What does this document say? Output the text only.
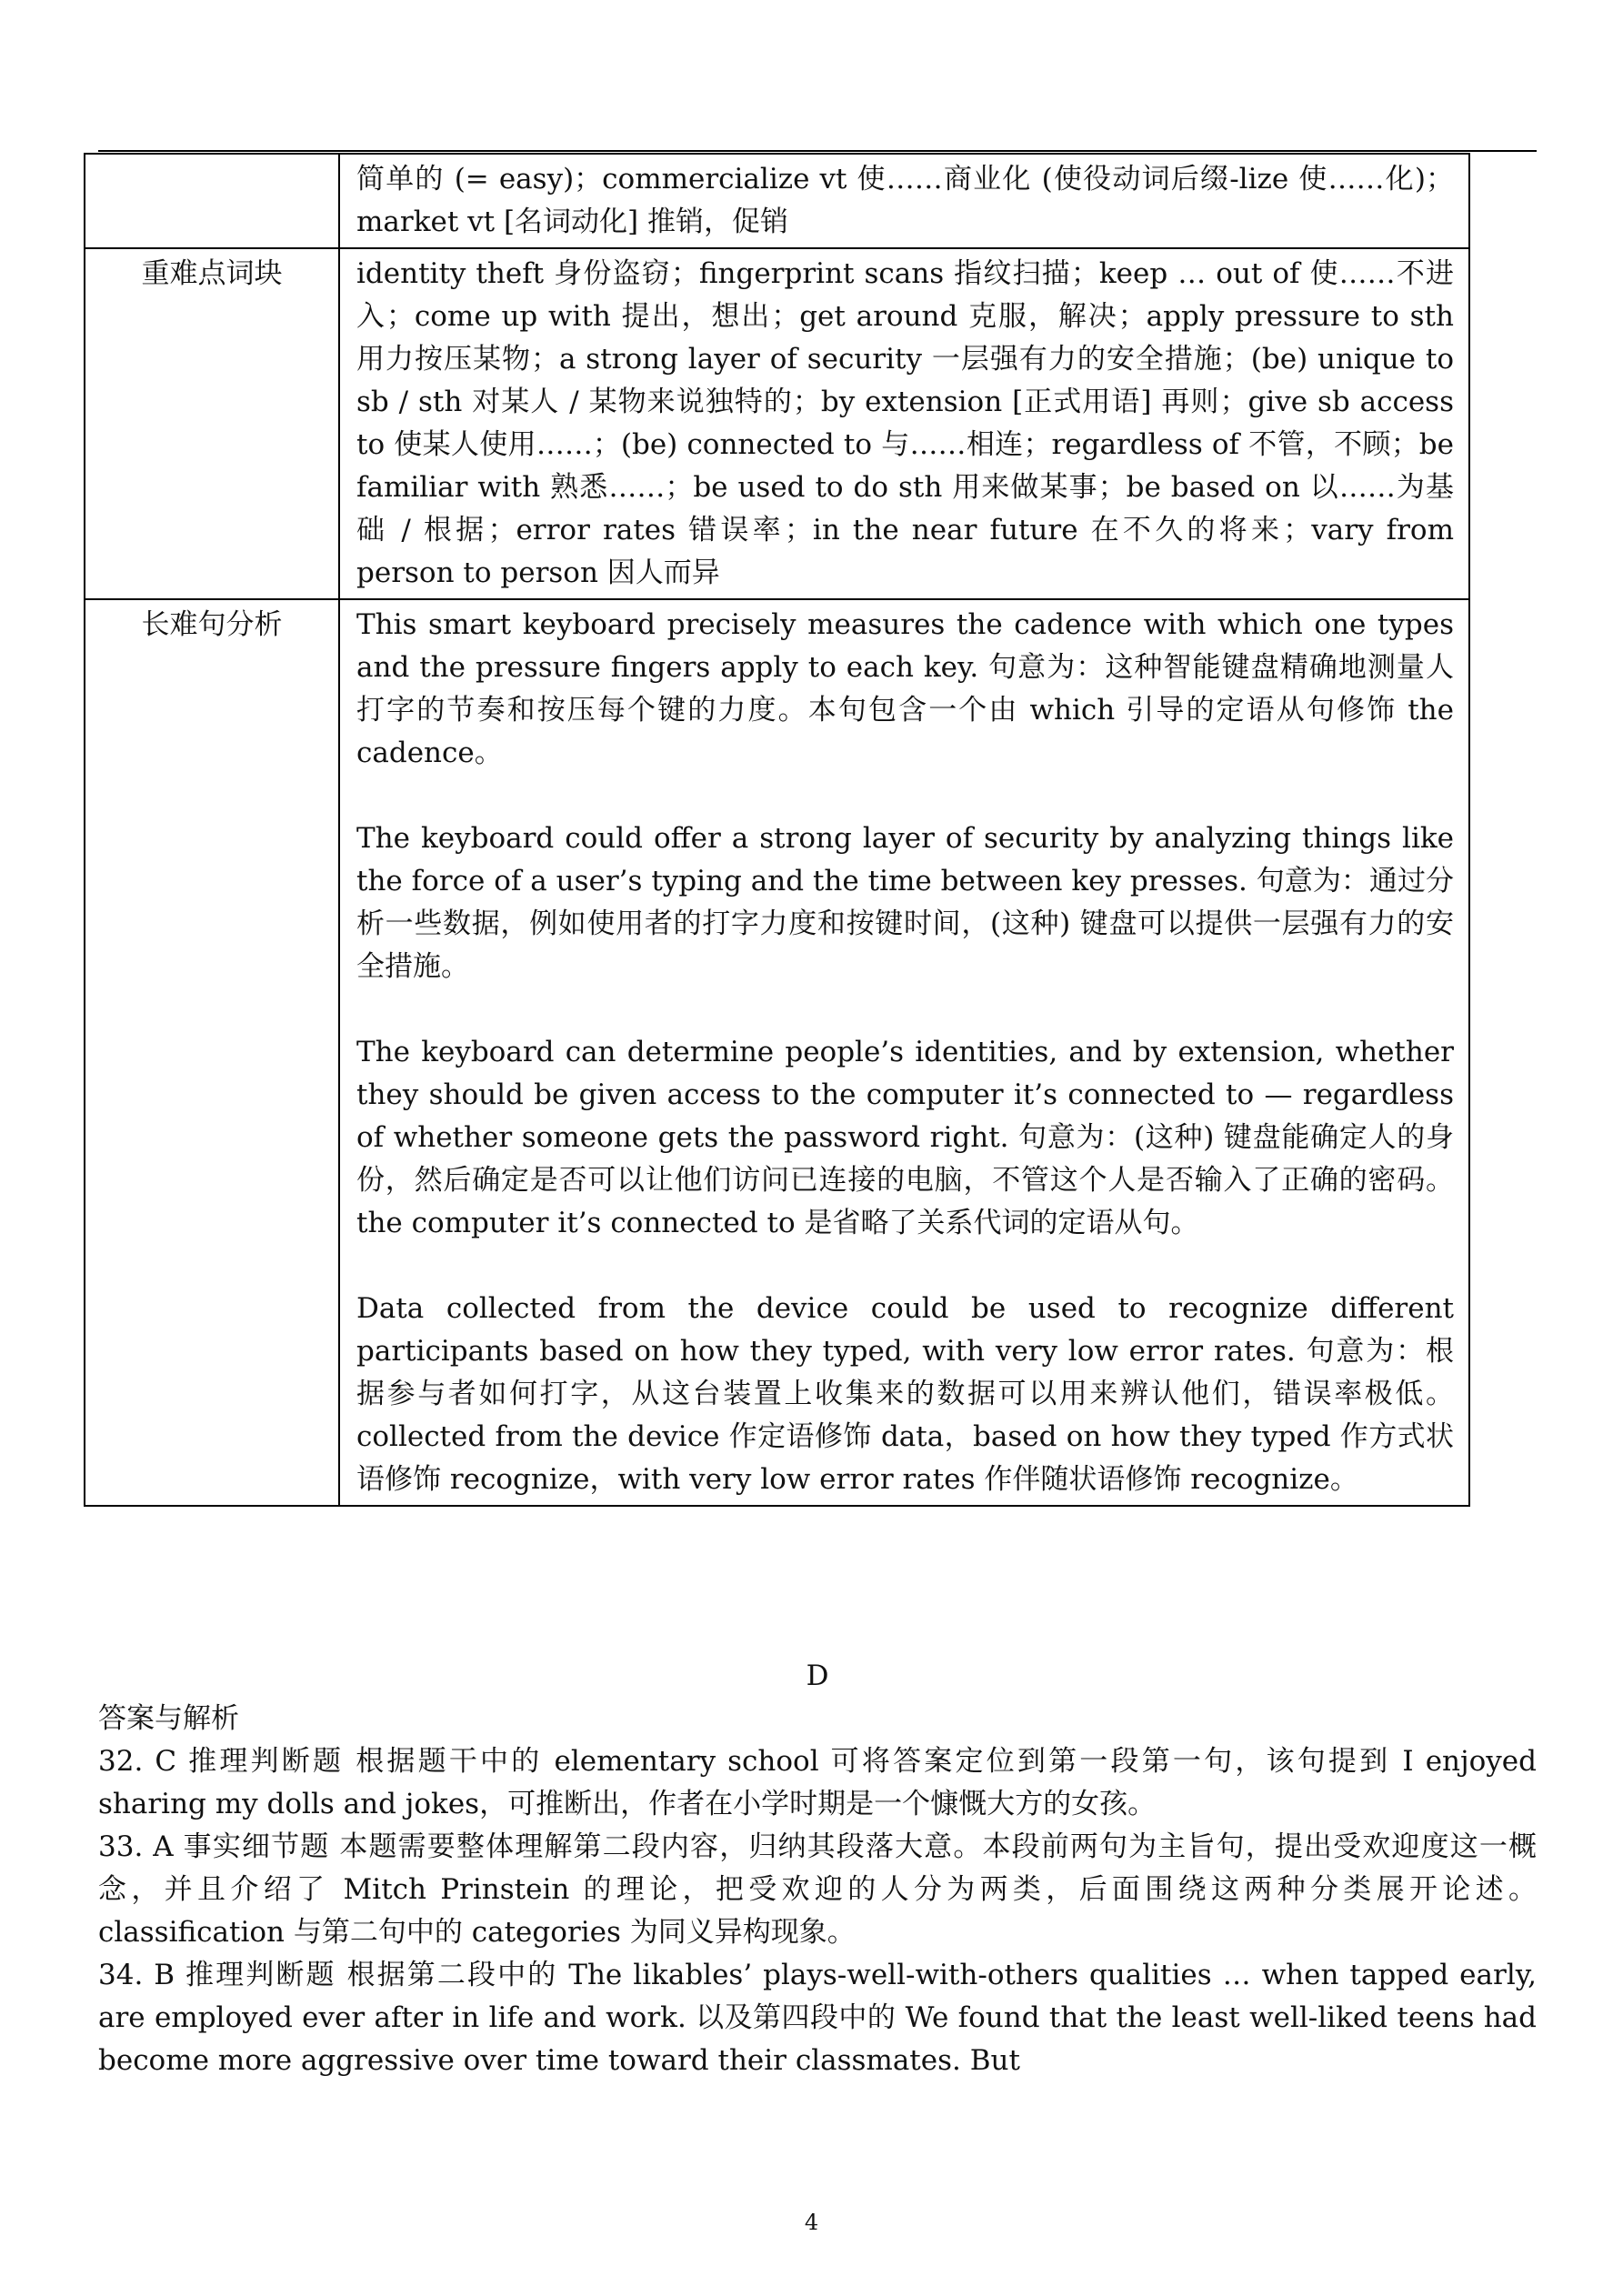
	简单的 (= easy)；commercialize vt 使……商业化 (使役动词后缀-lize 使……化)；market vt [名词动化] 推销，促销

重难点词块	identity theft 身份盗窃；fingerprint scans 指纹扫描；keep … out of 使……不进入；come up with 提出，想出；get around 克服，解决；apply pressure to sth 用力按压某物；a strong layer of security 一层强有力的安全措施；(be) unique to sb / sth 对某人 / 某物来说独特的；by extension [正式用语] 再则；give sb access to 使某人使用……；(be) connected to 与……相连；regardless of 不管，不顾；be familiar with 熟悉……；be used to do sth 用来做某事；be based on 以……为基础 / 根据；error rates 错误率；in the near future 在不久的将来；vary from person to person 因人而异

长难句分析	This smart keyboard precisely measures the cadence with which one types and the pressure fingers apply to each key. 句意为：这种智能键盘精确地测量人打字的节奏和按压每个键的力度。本句包含一个由 which 引导的定语从句修饰 the cadence。

The keyboard could offer a strong layer of security by analyzing things like the force of a user’s typing and the time between key presses. 句意为：通过分析一些数据，例如使用者的打字力度和按键时间，(这种) 键盘可以提供一层强有力的安全措施。

The keyboard can determine people’s identities, and by extension, whether they should be given access to the computer it’s connected to — regardless of whether someone gets the password right. 句意为：(这种) 键盘能确定人的身份，然后确定是否可以让他们访问已连接的电脑，不管这个人是否输入了正确的密码。the computer it’s connected to 是省略了关系代词的定语从句。

Data collected from the device could be used to recognize different participants based on how they typed, with very low error rates. 句意为：根据参与者如何打字，从这台装置上收集来的数据可以用来辨认他们，错误率极低。collected from the device 作定语修饰 data，based on how they typed 作方式状语修饰 recognize，with very low error rates 作伴随状语修饰 recognize。

D
答案与解析

32. C 推理判断题 根据题干中的 elementary school 可将答案定位到第一段第一句，该句提到 I enjoyed sharing my dolls and jokes，可推断出，作者在小学时期是一个慷慨大方的女孩。

33. A 事实细节题 本题需要整体理解第二段内容，归纳其段落大意。本段前两句为主旨句，提出受欢迎度这一概念，并且介绍了 Mitch Prinstein 的理论，把受欢迎的人分为两类，后面围绕这两种分类展开论述。classification 与第二句中的 categories 为同义异构现象。

34. B 推理判断题 根据第二段中的 The likables’ plays-well-with-others qualities … when tapped early, are employed ever after in life and work. 以及第四段中的 We found that the least well-liked teens had become more aggressive over time toward their classmates. But

4
